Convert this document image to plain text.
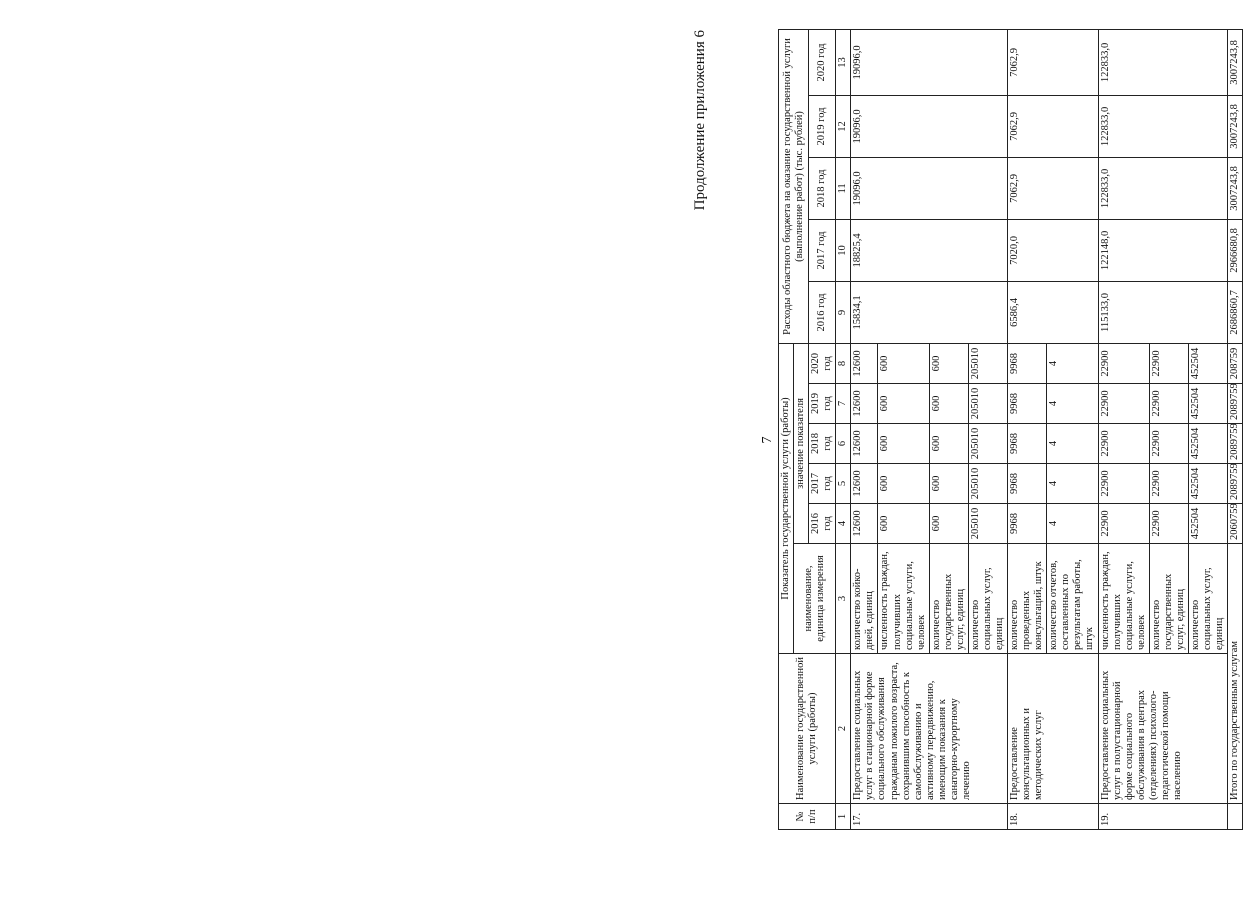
7
Продолжение приложения 6
№ п/п	Наименование государственной услуги (работы)	Показатель государственной услуги (работы)						Расходы областного бюджета на оказание государственной услуги (выполнение работ) (тыс. рублей)				
		наименование, единица измерения	значение показателя									
			2016 год	2017 год	2018 год	2019 год	2020 год	2016 год	2017 год	2018 год	2019 год	2020 год
1	2	3	4	5	6	7	8	9	10	11	12	13
17.	Предоставление социальных услуг в стационарной форме социального обслуживания гражданам пожилого возраста, сохранившим способность к самообслуживанию и активному передвижению, имеющим показания к санаторно-курортному лечению	количество койко-дней, единиц	12600	12600	12600	12600	12600	15834,1	18825,4	19096,0	19096,0	19096,0
		численность граждан, получивших социальные услуги, человек	600	600	600	600	600					
		количество государственных услуг, единиц	600	600	600	600	600					
		количество социальных услуг, единиц	205010	205010	205010	205010	205010					
18.	Предоставление консультационных и методических услуг	количество проведенных консультаций, штук	9968	9968	9968	9968	9968	6586,4	7020,0	7062,9	7062,9	7062,9
		количество отчетов, составленных по результатам работы, штук	4	4	4	4	4					
19.	Предоставление социальных услуг в полустационарной форме социального обслуживания в центрах (отделениях) психолого-педагогической помощи населению	численность граждан, получивших социальные услуги, человек	22900	22900	22900	22900	22900	115133,0	122148,0	122833,0	122833,0	122833,0
		количество государственных услуг, единиц	22900	22900	22900	22900	22900					
		количество социальных услуг, единиц	452504	452504	452504	452504	452504					
	Итого по государственным услугам		2060759	2089759	2089759	2089759	208759	2686860,7	2966680,8	3007243,8	3007243,8	3007243,8
